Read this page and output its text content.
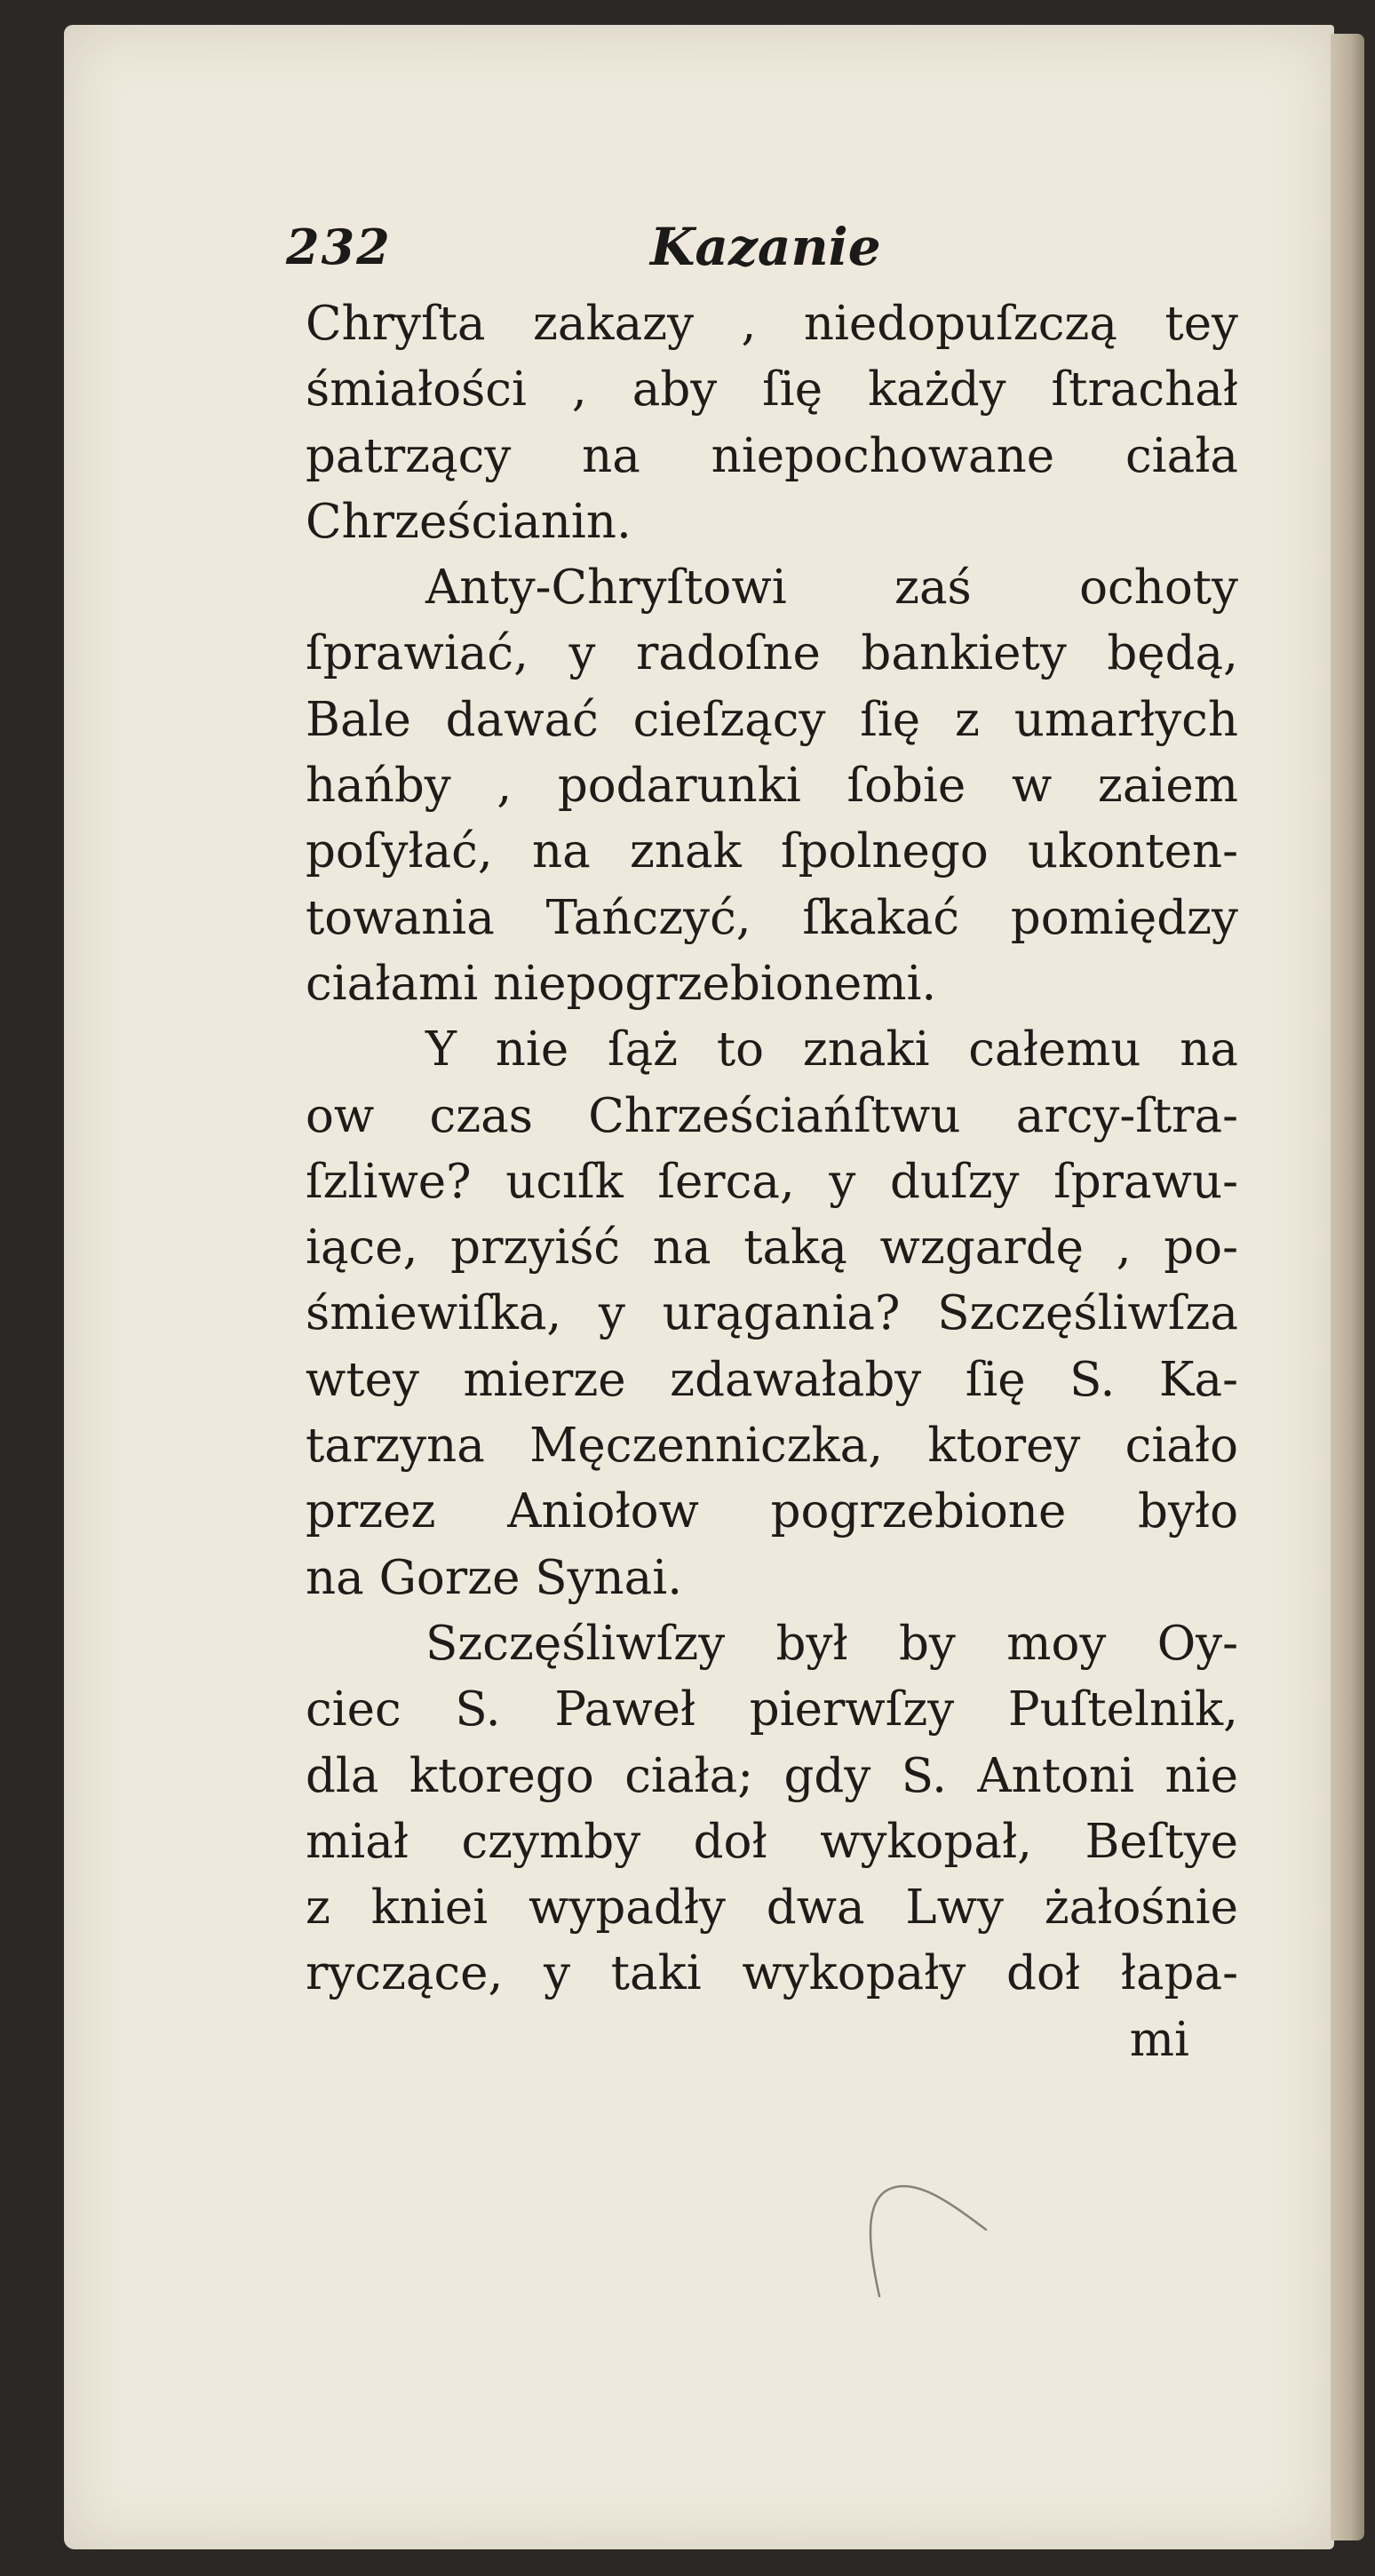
232	Kazanie
Chryſta zakazy , niedopuſzczą tey
śmiałości , aby ſię każdy ſtrachał
patrzący na niepochowane ciała
Chrześcianin.
Anty-Chryſtowi zaś ochoty
ſprawiać, y radoſne bankiety będą,
Bale dawać cieſzący ſię z umarłych
hańby , podarunki ſobie w zaiem
poſyłać, na znak ſpolnego ukonten-
towania Tańczyć, ſkakać pomiędzy
ciałami niepogrzebionemi.
Y nie ſąż to znaki całemu na
ow czas Chrześciańſtwu arcy-ſtra-
ſzliwe? ucıſk ſerca, y duſzy ſprawu-
iące, przyiść na taką wzgardę , po-
śmiewiſka, y urągania? Szczęśliwſza
wtey mierze zdawałaby ſię S. Ka-
tarzyna Męczenniczka, ktorey ciało
przez Aniołow pogrzebione było
na Gorze Synai.
Szczęśliwſzy był by moy Oy-
ciec S. Paweł pierwſzy Puſtelnik,
dla ktorego ciała; gdy S. Antoni nie
miał czymby doł wykopał, Beſtye
z kniei wypadły dwa Lwy żałośnie
ryczące, y taki wykopały doł łapa-
mi
